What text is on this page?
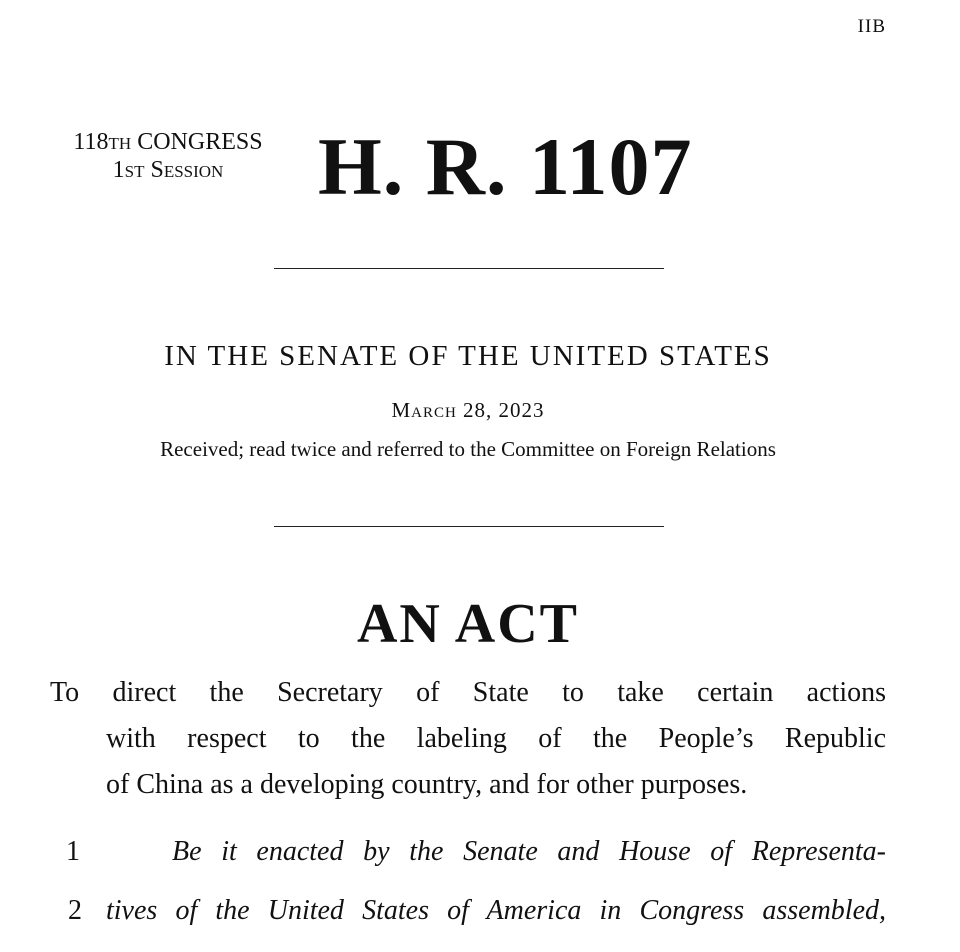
IIB
118th CONGRESS
1st Session	H. R. 1107
IN THE SENATE OF THE UNITED STATES
March 28, 2023
Received; read twice and referred to the Committee on Foreign Relations
AN ACT
To direct the Secretary of State to take certain actions
with respect to the labeling of the People’s Republic
of China as a developing country, and for other purposes.
1	Be it enacted by the Senate and House of Representa-
2 tives of the United States of America in Congress assembled,
